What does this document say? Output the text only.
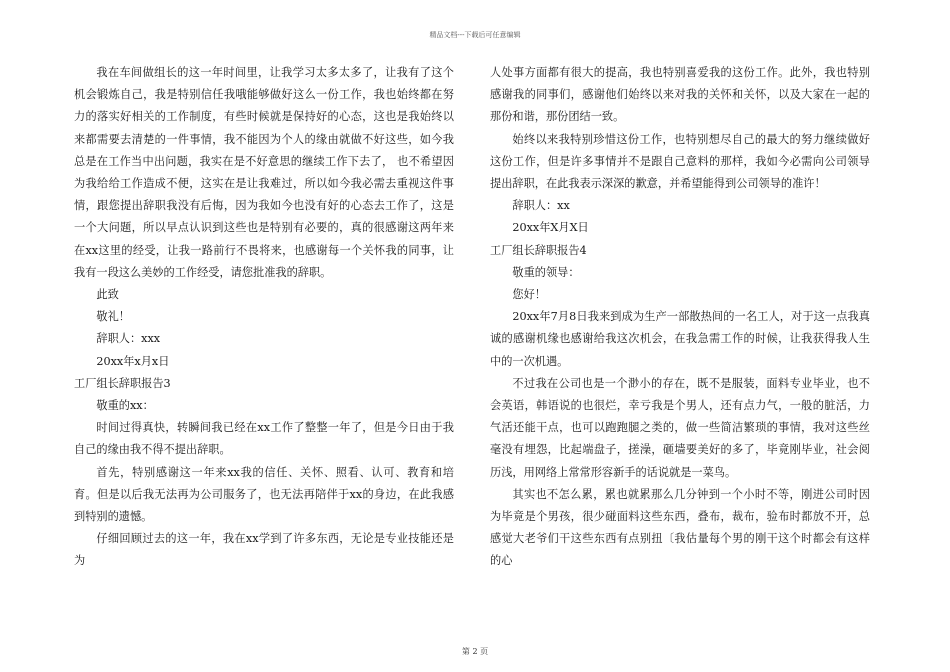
精品文档---下载后可任意编辑

我在车间做组长的这一年时间里，让我学习太多太多了，让我有了这个机会锻炼自己，我是特别信任我哦能够做好这么一份工作，我也始终都在努力的落实好相关的工作制度，有些时候就是保持好的心态，这也是我始终以来都需要去清楚的一件事情，我不能因为个人的缘由就做不好这些，如今我总是在工作当中出问题，我实在是不好意思的继续工作下去了， 也不希望因为我给给工作造成不便，这实在是让我难过，所以如今我必需去重视这件事情，跟您提出辞职我没有后悔，因为我如今也没有好的心态去工作了，这是一个大问题，所以早点认识到这些也是特别有必要的，真的很感谢这两年来在xx这里的经受，让我一路前行不畏将来，也感谢每一个关怀我的同事，让我有一段这么美妙的工作经受，请您批准我的辞职。

此致

敬礼！

辞职人：xxx

20xx年x月x日

工厂组长辞职报告3

敬重的xx：

时间过得真快，转瞬间我已经在xx工作了整整一年了，但是今日由于我自己的缘由我不得不提出辞职。

首先，特别感谢这一年来xx我的信任、关怀、照看、认可、教育和培育。但是以后我无法再为公司服务了，也无法再陪伴于xx的身边，在此我感到特别的遗憾。

仔细回顾过去的这一年，我在xx学到了许多东西，无论是专业技能还是为

人处事方面都有很大的提高，我也特别喜爱我的这份工作。此外，我也特别感谢我的同事们，感谢他们始终以来对我的关怀和关怀，以及大家在一起的那份和谐，那份团结一致。

始终以来我特别珍惜这份工作，也特别想尽自己的最大的努力继续做好这份工作，但是许多事情并不是跟自己意料的那样，我如今必需向公司领导提出辞职，在此我表示深深的歉意，并希望能得到公司领导的准许！

辞职人：xx

20xx年X月X日

工厂组长辞职报告4

敬重的领导：

您好！

20xx年7月8日我来到成为生产一部散热间的一名工人，对于这一点我真诚的感谢机缘也感谢给我这次机会，在我急需工作的时候，让我获得我人生中的一次机遇。

不过我在公司也是一个渺小的存在，既不是服装，面料专业毕业，也不会英语，韩语说的也很烂，幸亏我是个男人，还有点力气，一般的脏活，力气活还能干点，也可以跑跑腿之类的，做一些简洁繁琐的事情，我对这些丝毫没有埋怨，比起端盘子，搓澡，砸墙要美好的多了，毕竟刚毕业，社会阅历浅，用网络上常常形容新手的话说就是一菜鸟。

其实也不怎么累，累也就累那么几分钟到一个小时不等，刚进公司时因为毕竟是个男孩，很少碰面料这些东西，叠布，裁布，验布时都放不开，总感觉大老爷们干这些东西有点别扭〔我估量每个男的刚干这个时都会有这样的心

第 2 页
